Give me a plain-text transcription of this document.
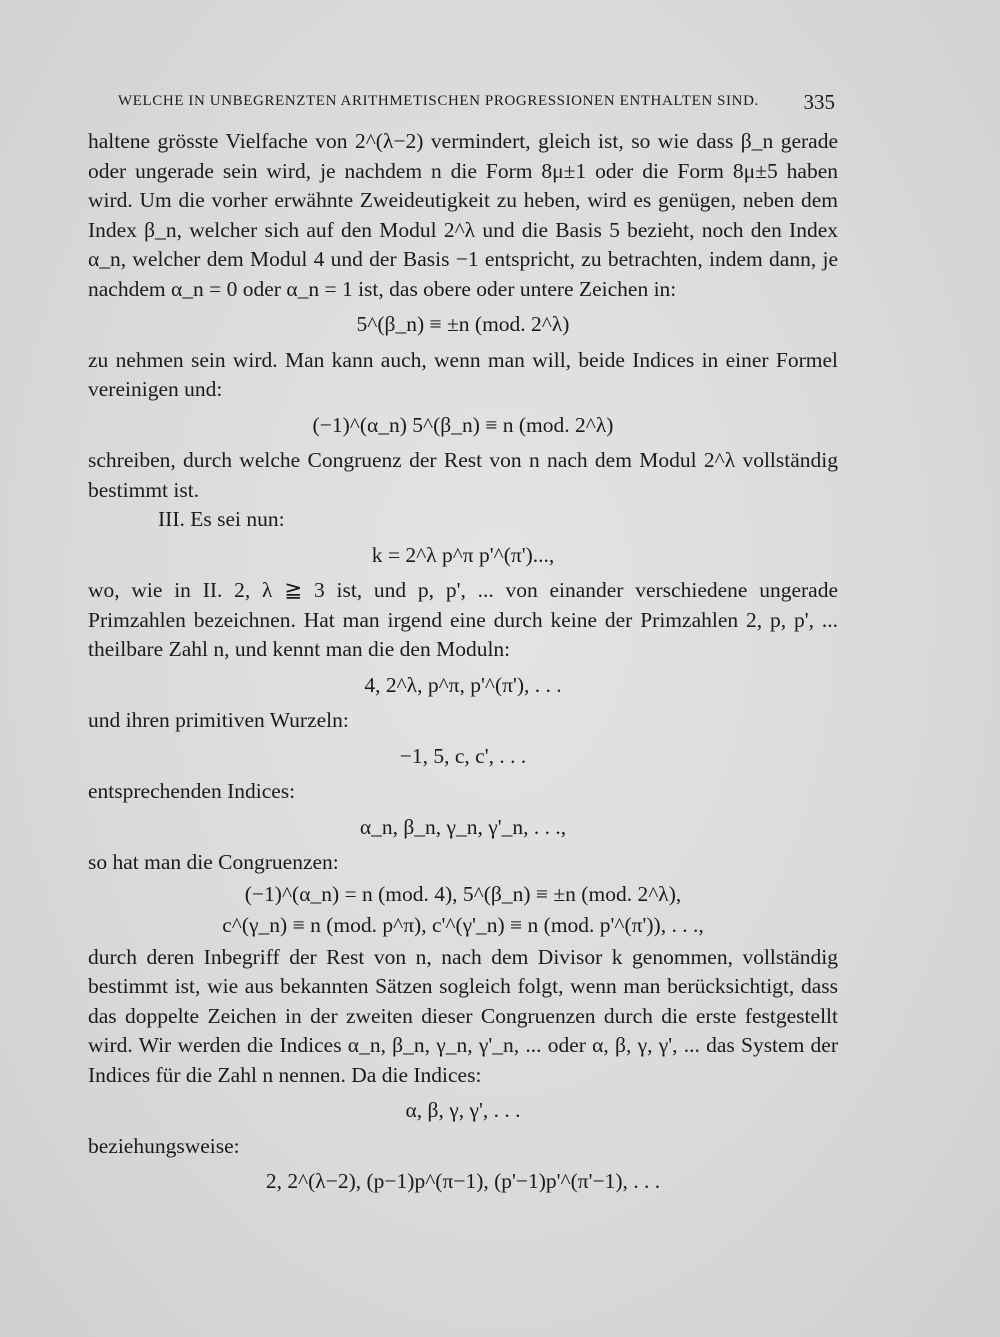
WELCHE IN UNBEGRENZTEN ARITHMETISCHEN PROGRESSIONEN ENTHALTEN SIND.	335

haltene grösste Vielfache von 2^(λ−2) vermindert, gleich ist, so wie dass β_n gerade oder ungerade sein wird, je nachdem n die Form 8μ±1 oder die Form 8μ±5 haben wird. Um die vorher erwähnte Zweideutigkeit zu heben, wird es genügen, neben dem Index β_n, welcher sich auf den Modul 2^λ und die Basis 5 bezieht, noch den Index α_n, welcher dem Modul 4 und der Basis −1 entspricht, zu betrachten, indem dann, je nachdem α_n = 0 oder α_n = 1 ist, das obere oder untere Zeichen in:

5^(β_n) ≡ ±n (mod. 2^λ)

zu nehmen sein wird. Man kann auch, wenn man will, beide Indices in einer Formel vereinigen und:

(−1)^(α_n) 5^(β_n) ≡ n (mod. 2^λ)

schreiben, durch welche Congruenz der Rest von n nach dem Modul 2^λ vollständig bestimmt ist.

III. Es sei nun:

k = 2^λ p^π p'^(π')...,

wo, wie in II. 2, λ ≧ 3 ist, und p, p', ... von einander verschiedene ungerade Primzahlen bezeichnen. Hat man irgend eine durch keine der Primzahlen 2, p, p', ... theilbare Zahl n, und kennt man die den Moduln:

4, 2^λ, p^π, p'^(π'), . . .

und ihren primitiven Wurzeln:

−1, 5, c, c', . . .

entsprechenden Indices:

α_n, β_n, γ_n, γ'_n, . . .,

so hat man die Congruenzen:

(−1)^(α_n) = n (mod. 4), 5^(β_n) ≡ ±n (mod. 2^λ),
c^(γ_n) ≡ n (mod. p^π), c'^(γ'_n) ≡ n (mod. p'^(π')), . . .,

durch deren Inbegriff der Rest von n, nach dem Divisor k genommen, vollständig bestimmt ist, wie aus bekannten Sätzen sogleich folgt, wenn man berücksichtigt, dass das doppelte Zeichen in der zweiten dieser Congruenzen durch die erste festgestellt wird. Wir werden die Indices α_n, β_n, γ_n, γ'_n, ... oder α, β, γ, γ', ... das System der Indices für die Zahl n nennen. Da die Indices:

α, β, γ, γ', . . .

beziehungsweise:

2, 2^(λ−2), (p−1)p^(π−1), (p'−1)p'^(π'−1), . . .
